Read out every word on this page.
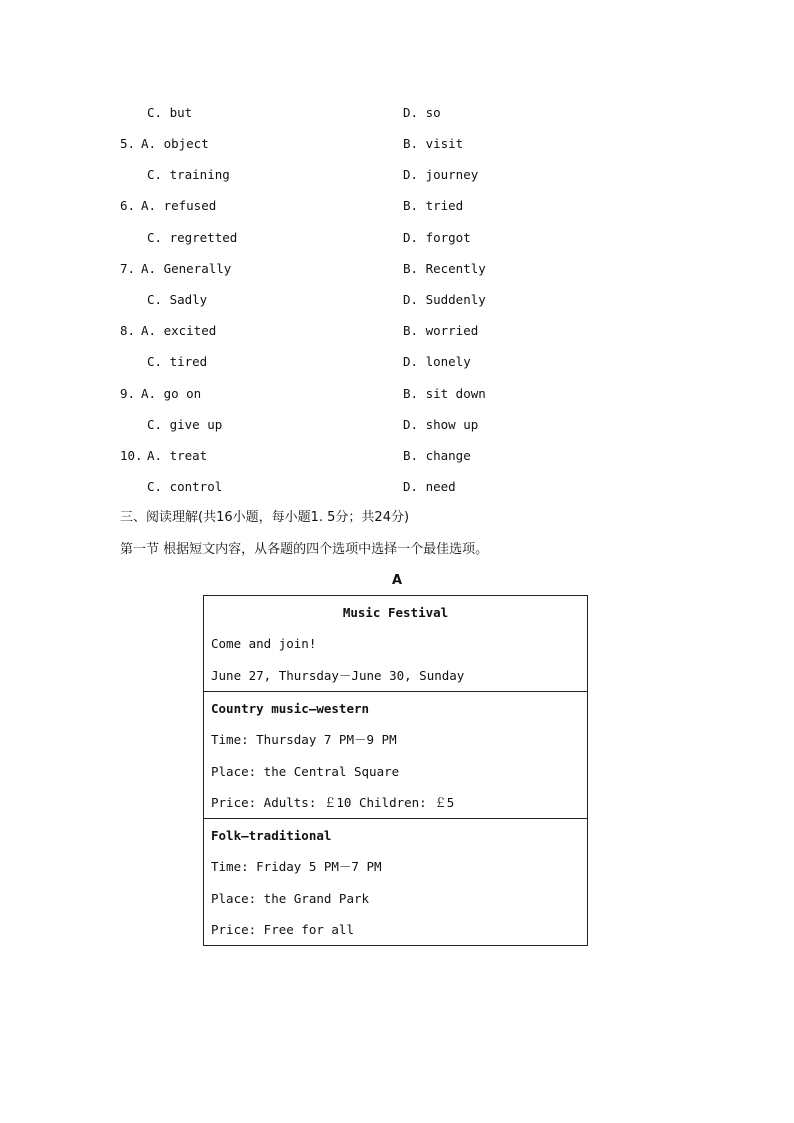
C. but	D. so
5. A. object	B. visit
C. training	D. journey
6. A. refused	B. tried
C. regretted	D. forgot
7. A. Generally	B. Recently
C. Sadly	D. Suddenly
8. A. excited	B. worried
C. tired	D. lonely
9. A. go on	B. sit down
C. give up	D. show up
10. A. treat	B. change
C. control	D. need
三、阅读理解(共16小题，每小题1. 5分；共24分)
第一节 根据短文内容，从各题的四个选项中选择一个最佳选项。
A
Music Festival
Come and join!
June 27, Thursday－June 30, Sunday
Country music—western
Time: Thursday 7 PM－9 PM
Place: the Central Square
Price: Adults: ￡10 Children: ￡5
Folk—traditional
Time: Friday 5 PM－7 PM
Place: the Grand Park
Price: Free for all
